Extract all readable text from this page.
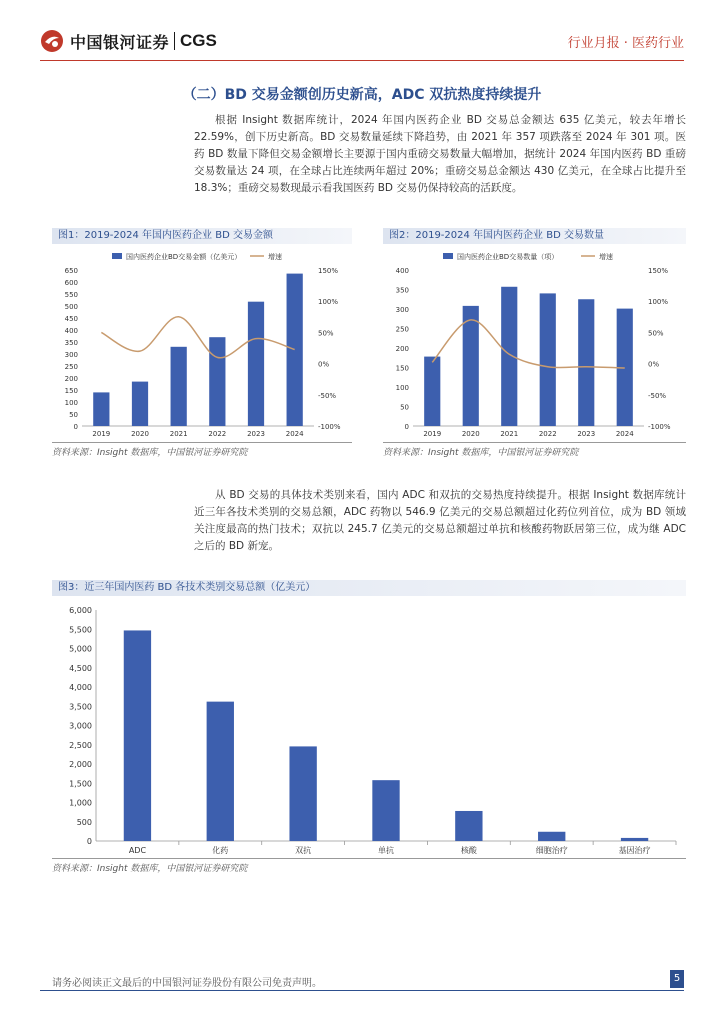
中国银河证券 CGS	行业月报 · 医药行业
（二）BD 交易金额创历史新高，ADC 双抗热度持续提升

根据 Insight 数据库统计，2024 年国内医药企业 BD 交易总金额达 635 亿美元，较去年增长 22.59%，创下历史新高。BD 交易数量延续下降趋势，由 2021 年 357 项跌落至 2024 年 301 项。医药 BD 数量下降但交易金额增长主要源于国内重磅交易数量大幅增加，据统计 2024 年国内医药 BD 重磅交易数量达 24 项，在全球占比连续两年超过 20%；重磅交易总金额达 430 亿美元，在全球占比提升至 18.3%；重磅交易数现最示看我国医药 BD 交易仍保持较高的活跃度。

图1：2019-2024 年国内医药企业 BD 交易金额	图2：2019-2024 年国内医药企业 BD 交易数量
国内医药企业BD交易金额（亿美元）	增速
0
50
100
150
200
250
300
350
400
450
500
550
600
650
-100%
-50%
0%
50%
100%
150%
2019	2020	2021	2022	2023	2024
国内医药企业BD交易数量（项）	增速
0
50
100
150
200
250
300
350
400
-100%
-50%
0%
50%
100%
150%
2019	2020	2021	2022	2023	2024
资料来源：Insight 数据库，中国银河证券研究院	资料来源：Insight 数据库，中国银河证券研究院

从 BD 交易的具体技术类别来看，国内 ADC 和双抗的交易热度持续提升。根据 Insight 数据库统计近三年各技术类别的交易总额，ADC 药物以 546.9 亿美元的交易总额超过化药位列首位，成为 BD 领域关注度最高的热门技术；双抗以 245.7 亿美元的交易总额超过单抗和核酸药物跃居第三位，成为继 ADC 之后的 BD 新宠。

图3：近三年国内医药 BD 各技术类别交易总额（亿美元）
0
500
1,000
1,500
2,000
2,500
3,000
3,500
4,000
4,500
5,000
5,500
6,000
ADC	化药	双抗	单抗	核酸	细胞治疗	基因治疗
资料来源：Insight 数据库，中国银河证券研究院
请务必阅读正文最后的中国银河证券股份有限公司免责声明。	5
